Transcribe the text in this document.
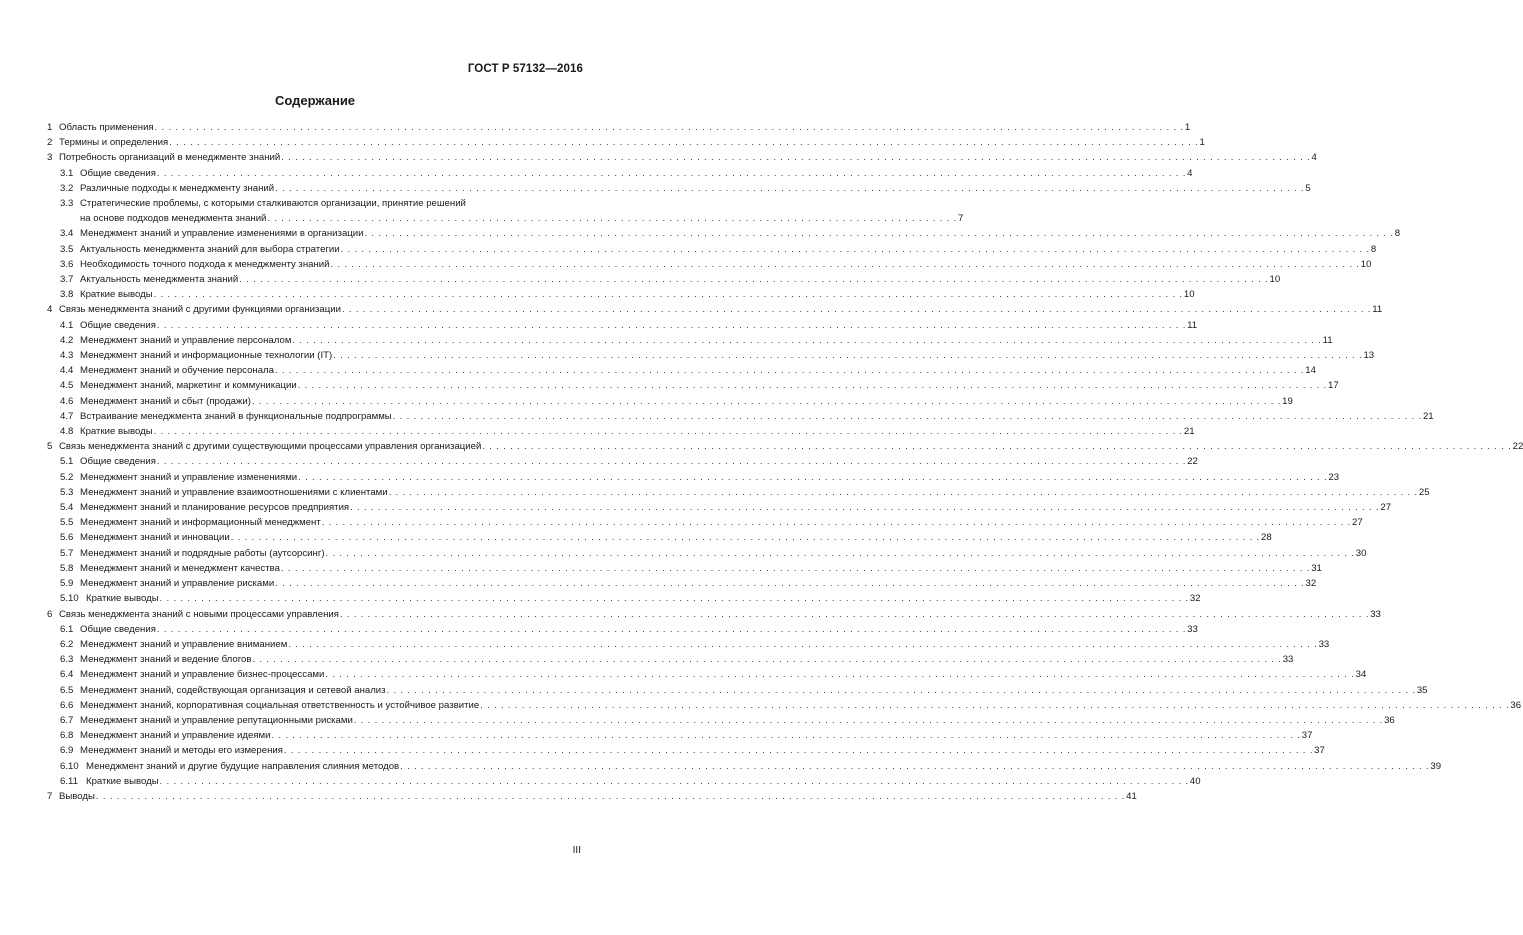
ГОСТ Р 57132—2016
Содержание
1 Область применения . . .	1
2 Термины и определения . . .	1
3 Потребность организаций в менеджменте знаний . . .	4
3.1 Общие сведения . . .	4
3.2 Различные подходы к менеджменту знаний . . .	5
3.3 Стратегические проблемы, с которыми сталкиваются организации, принятие решений
на основе подходов менеджмента знаний . . .	7
3.4 Менеджмент знаний и управление изменениями в организации . . .	8
3.5 Актуальность менеджмента знаний для выбора стратегии . . .	8
3.6 Необходимость точного подхода к менеджменту знаний . . .	10
3.7 Актуальность менеджмента знаний . . .	10
3.8 Краткие выводы . . .	10
4 Связь менеджмента знаний с другими функциями организации . . .	11
4.1 Общие сведения . . .	11
4.2 Менеджмент знаний и управление персоналом . . .	11
4.3 Менеджмент знаний и информационные технологии (IT) . . .	13
4.4 Менеджмент знаний и обучение персонала . . .	14
4.5 Менеджмент знаний, маркетинг и коммуникации . . .	17
4.6 Менеджмент знаний и сбыт (продажи) . . .	19
4.7 Встраивание менеджмента знаний в функциональные подпрограммы . . .	21
4.8 Краткие выводы . . .	21
5 Связь менеджмента знаний с другими существующими процессами управления организацией . . .	22
5.1 Общие сведения . . .	22
5.2 Менеджмент знаний и управление изменениями . . .	23
5.3 Менеджмент знаний и управление взаимоотношениями с клиентами . . .	25
5.4 Менеджмент знаний и планирование ресурсов предприятия . . .	27
5.5 Менеджмент знаний и информационный менеджмент . . .	27
5.6 Менеджмент знаний и инновации . . .	28
5.7 Менеджмент знаний и подрядные работы (аутсорсинг) . . .	30
5.8 Менеджмент знаний и менеджмент качества . . .	31
5.9 Менеджмент знаний и управление рисками . . .	32
5.10 Краткие выводы . . .	32
6 Связь менеджмента знаний с новыми процессами управления . . .	33
6.1 Общие сведения . . .	33
6.2 Менеджмент знаний и управление вниманием . . .	33
6.3 Менеджмент знаний и ведение блогов . . .	33
6.4 Менеджмент знаний и управление бизнес-процессами . . .	34
6.5 Менеджмент знаний, содействующая организация и сетевой анализ . . .	35
6.6 Менеджмент знаний, корпоративная социальная ответственность и устойчивое развитие . . .	36
6.7 Менеджмент знаний и управление репутационными рисками . . .	36
6.8 Менеджмент знаний и управление идеями . . .	37
6.9 Менеджмент знаний и методы его измерения . . .	37
6.10 Менеджмент знаний и другие будущие направления слияния методов . . .	39
6.11 Краткие выводы . . .	40
7 Выводы . . .	41
III
